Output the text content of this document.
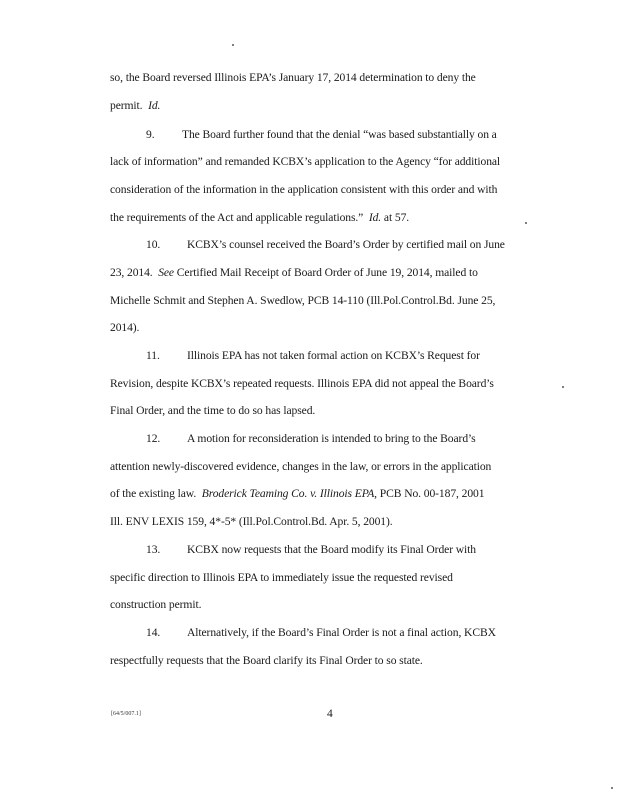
so, the Board reversed Illinois EPA’s January 17, 2014 determination to deny the
permit. Id.
9. The Board further found that the denial “was based substantially on a
lack of information” and remanded KCBX’s application to the Agency “for additional
consideration of the information in the application consistent with this order and with
the requirements of the Act and applicable regulations.” Id. at 57.
10. KCBX’s counsel received the Board’s Order by certified mail on June
23, 2014. See Certified Mail Receipt of Board Order of June 19, 2014, mailed to
Michelle Schmit and Stephen A. Swedlow, PCB 14-110 (Ill.Pol.Control.Bd. June 25,
2014).
11. Illinois EPA has not taken formal action on KCBX’s Request for
Revision, despite KCBX’s repeated requests. Illinois EPA did not appeal the Board’s
Final Order, and the time to do so has lapsed.
12. A motion for reconsideration is intended to bring to the Board’s
attention newly-discovered evidence, changes in the law, or errors in the application
of the existing law. Broderick Teaming Co. v. Illinois EPA, PCB No. 00-187, 2001
Ill. ENV LEXIS 159, 4*-5* (Ill.Pol.Control.Bd. Apr. 5, 2001).
13. KCBX now requests that the Board modify its Final Order with
specific direction to Illinois EPA to immediately issue the requested revised
construction permit.
14. Alternatively, if the Board’s Final Order is not a final action, KCBX
respectfully requests that the Board clarify its Final Order to so state.
[64/5/007.1]	4
